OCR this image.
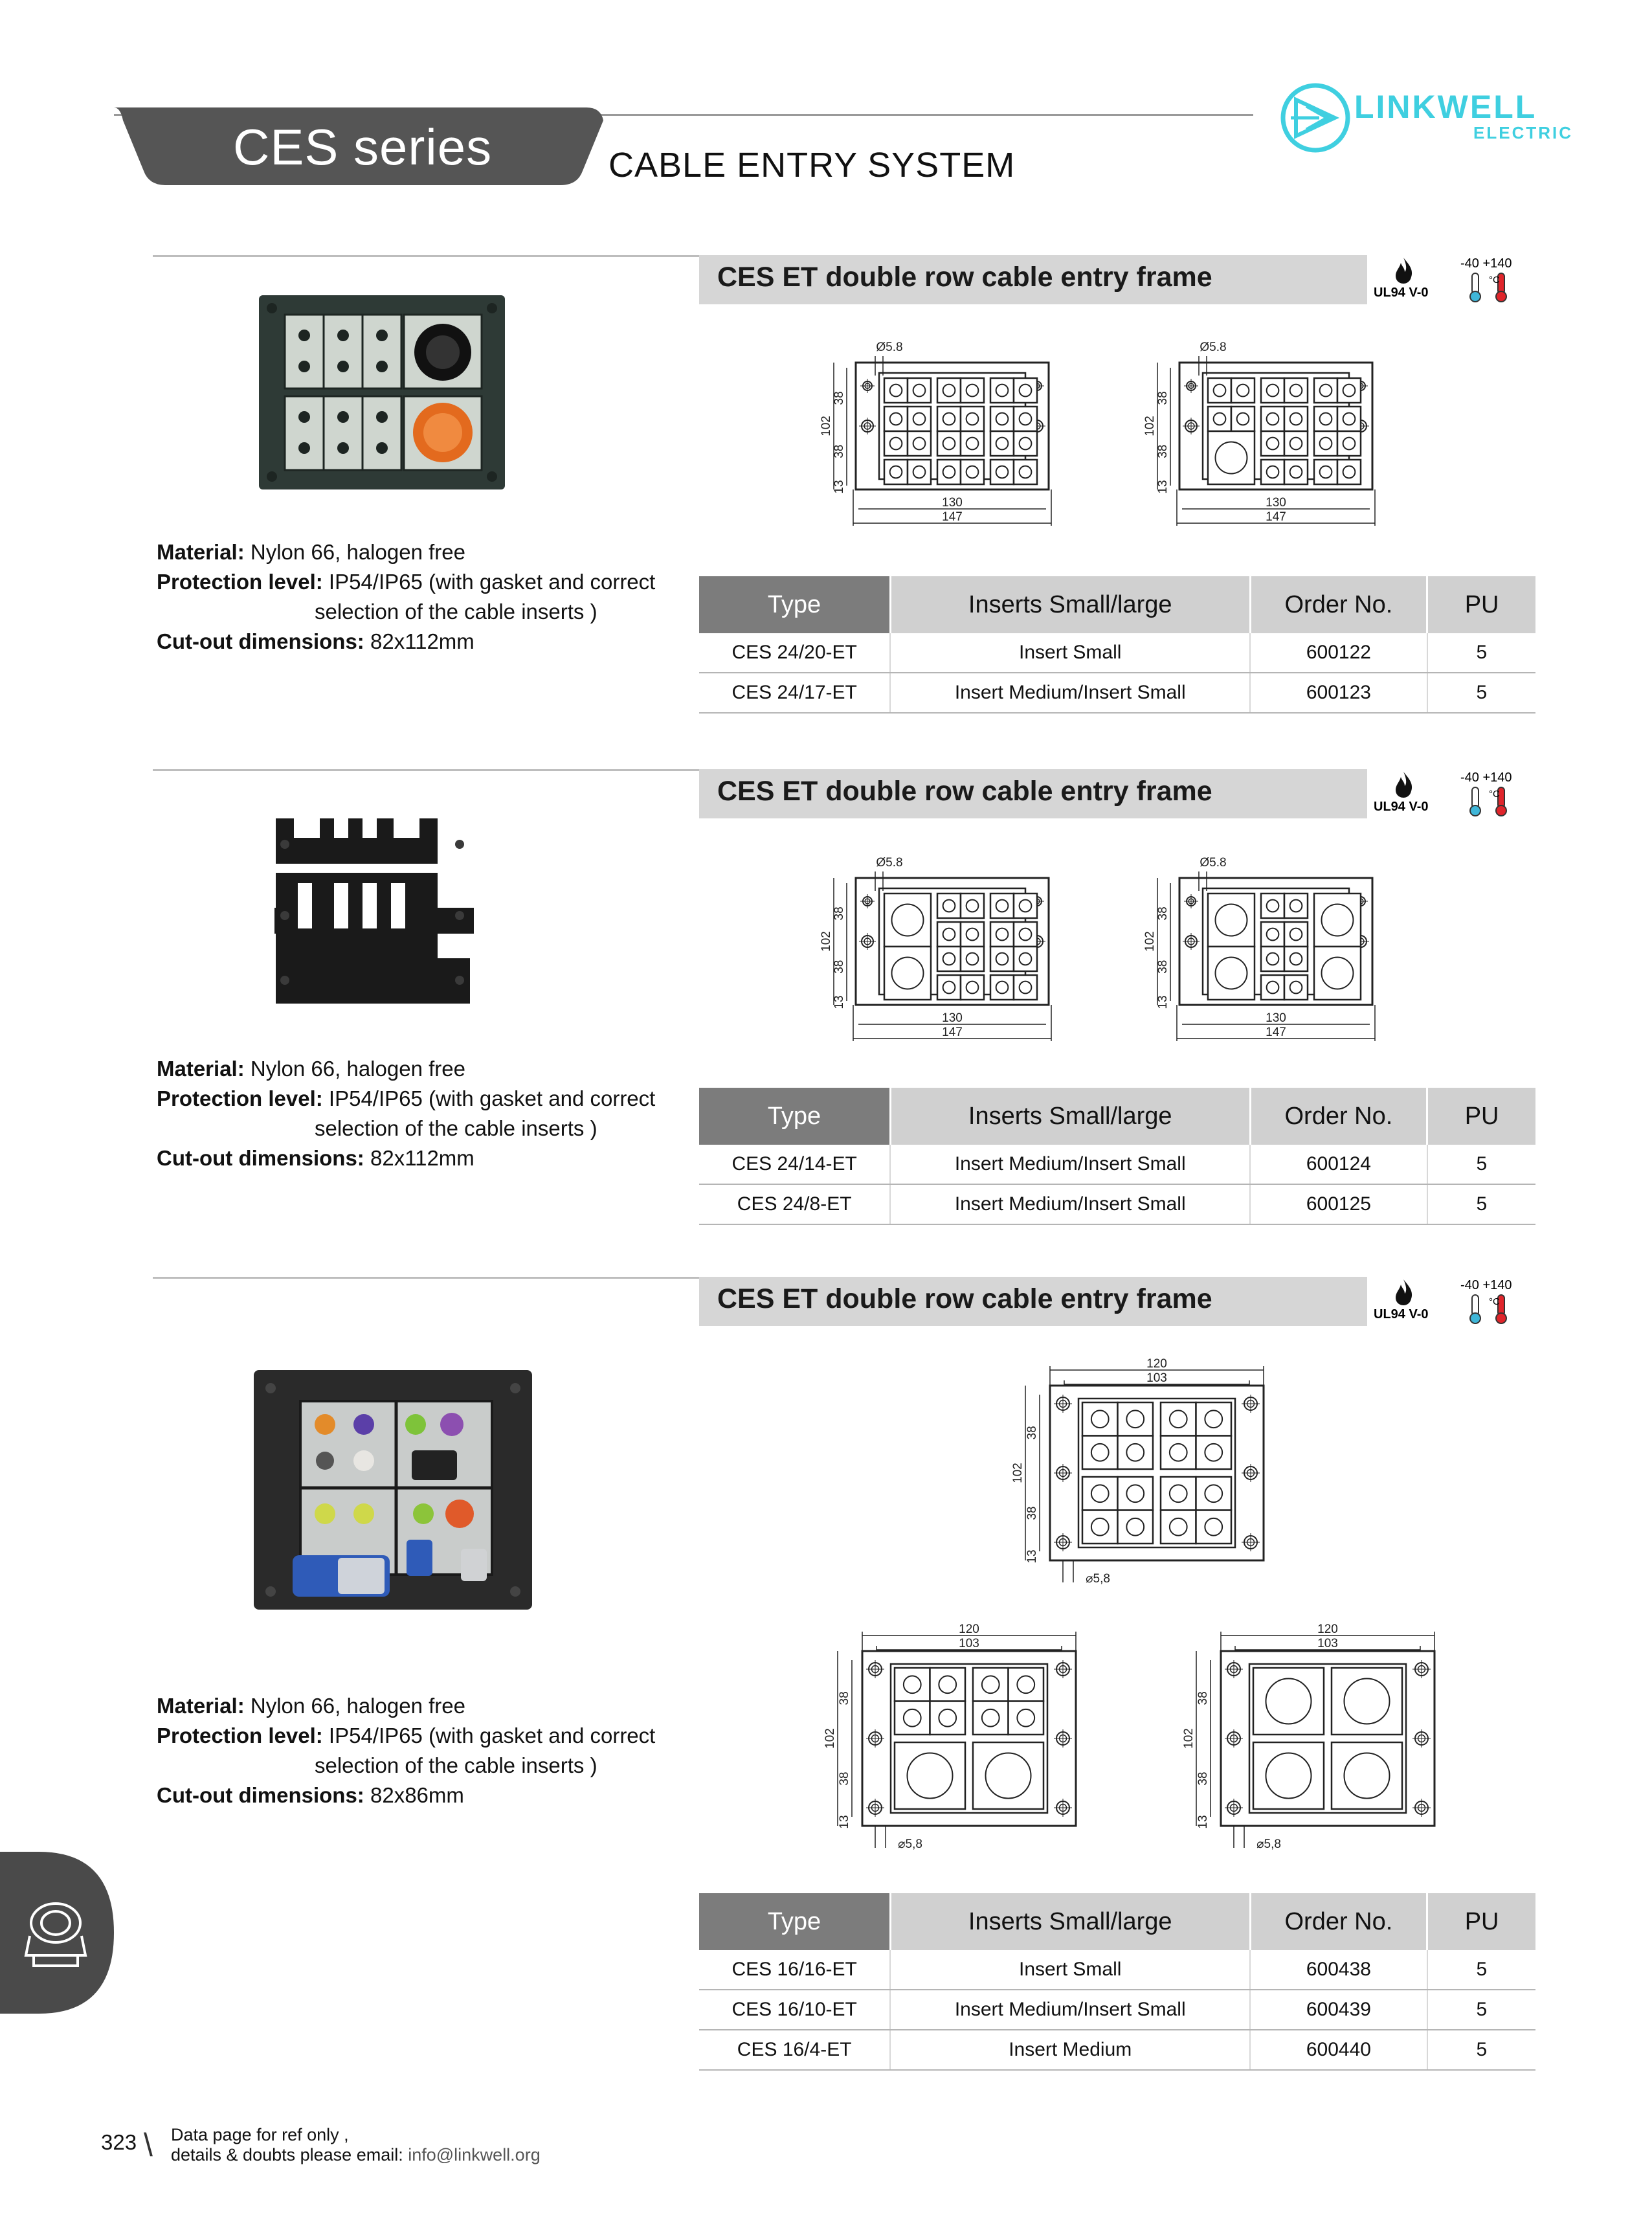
CES series	CABLE ENTRY SYSTEM
LINKWELL
ELECTRIC
CES ET double row cable entry frame	UL94 V-0
-40 +140
°C
Ø5.8
102
38
38
13
130
147
Ø5.8
102
38
38
13
130
147
Material: Nylon 66, halogen free
Protection level: IP54/IP65 (with gasket and correct
selection of the cable inserts )
Cut-out dimensions: 82x112mm
Type	Inserts Small/large	Order No.	PU
CES 24/20-ET	Insert Small	600122	5
CES 24/17-ET	Insert Medium/Insert Small	600123	5
CES ET double row cable entry frame	UL94 V-0
-40 +140
°C
Ø5.8
102
38
38
13
130
147
Ø5.8
102
38
38
13
130
147
Material: Nylon 66, halogen free
Protection level: IP54/IP65 (with gasket and correct
selection of the cable inserts )
Cut-out dimensions: 82x112mm
Type	Inserts Small/large	Order No.	PU
CES 24/14-ET	Insert Medium/Insert Small	600124	5
CES 24/8-ET	Insert Medium/Insert Small	600125	5
CES ET double row cable entry frame	UL94 V-0
-40 +140
°C
120
103
102
38
38
13
⌀5,8
120
103
102
38
38
13
⌀5,8
120
103
102
38
38
13
⌀5,8
Material: Nylon 66, halogen free
Protection level: IP54/IP65 (with gasket and correct
selection of the cable inserts )
Cut-out dimensions: 82x86mm
Type	Inserts Small/large	Order No.	PU
CES 16/16-ET	Insert Small	600438	5
CES 16/10-ET	Insert Medium/Insert Small	600439	5
CES 16/4-ET	Insert Medium	600440	5
323 \ Data page for ref only ,
details & doubts please email: info@linkwell.org
